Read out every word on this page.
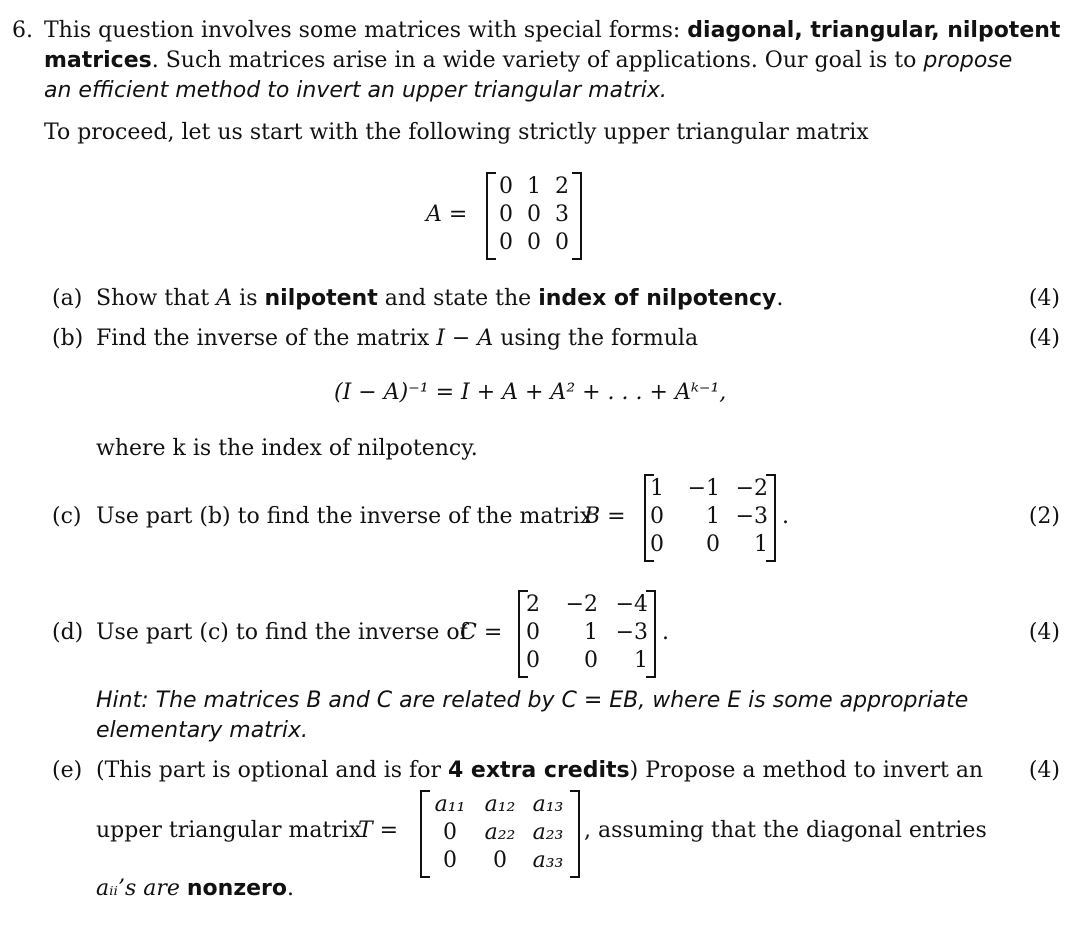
6. This question involves some matrices with special forms: diagonal, triangular, nilpotent
matrices. Such matrices arise in a wide variety of applications. Our goal is to propose
an efficient method to invert an upper triangular matrix.
To proceed, let us start with the following strictly upper triangular matrix
A =
0 1 2
0 0 3
0 0 0
(a) Show that A is nilpotent and state the index of nilpotency.	(4)
(b) Find the inverse of the matrix I − A using the formula	(4)
(I − A)⁻¹ = I + A + A² + . . . + Aᵏ⁻¹,
where k is the index of nilpotency.
(c) Use part (b) to find the inverse of the matrix
B =
1	−1 −2
0	1 −3
0	0	1
.	(2)
(d) Use part (c) to find the inverse of
C =
2	−2 −4
0	1 −3
0	0	1
.	(4)
Hint: The matrices B and C are related by C = EB, where E is some appropriate
elementary matrix.
(e) (This part is optional and is for 4 extra credits) Propose a method to invert an (4)
upper triangular matrix
T =
a₁₁ a₁₂ a₁₃
0	a₂₂ a₂₃
0	0	a₃₃
, assuming that the diagonal entries
aᵢᵢ’s are nonzero.
